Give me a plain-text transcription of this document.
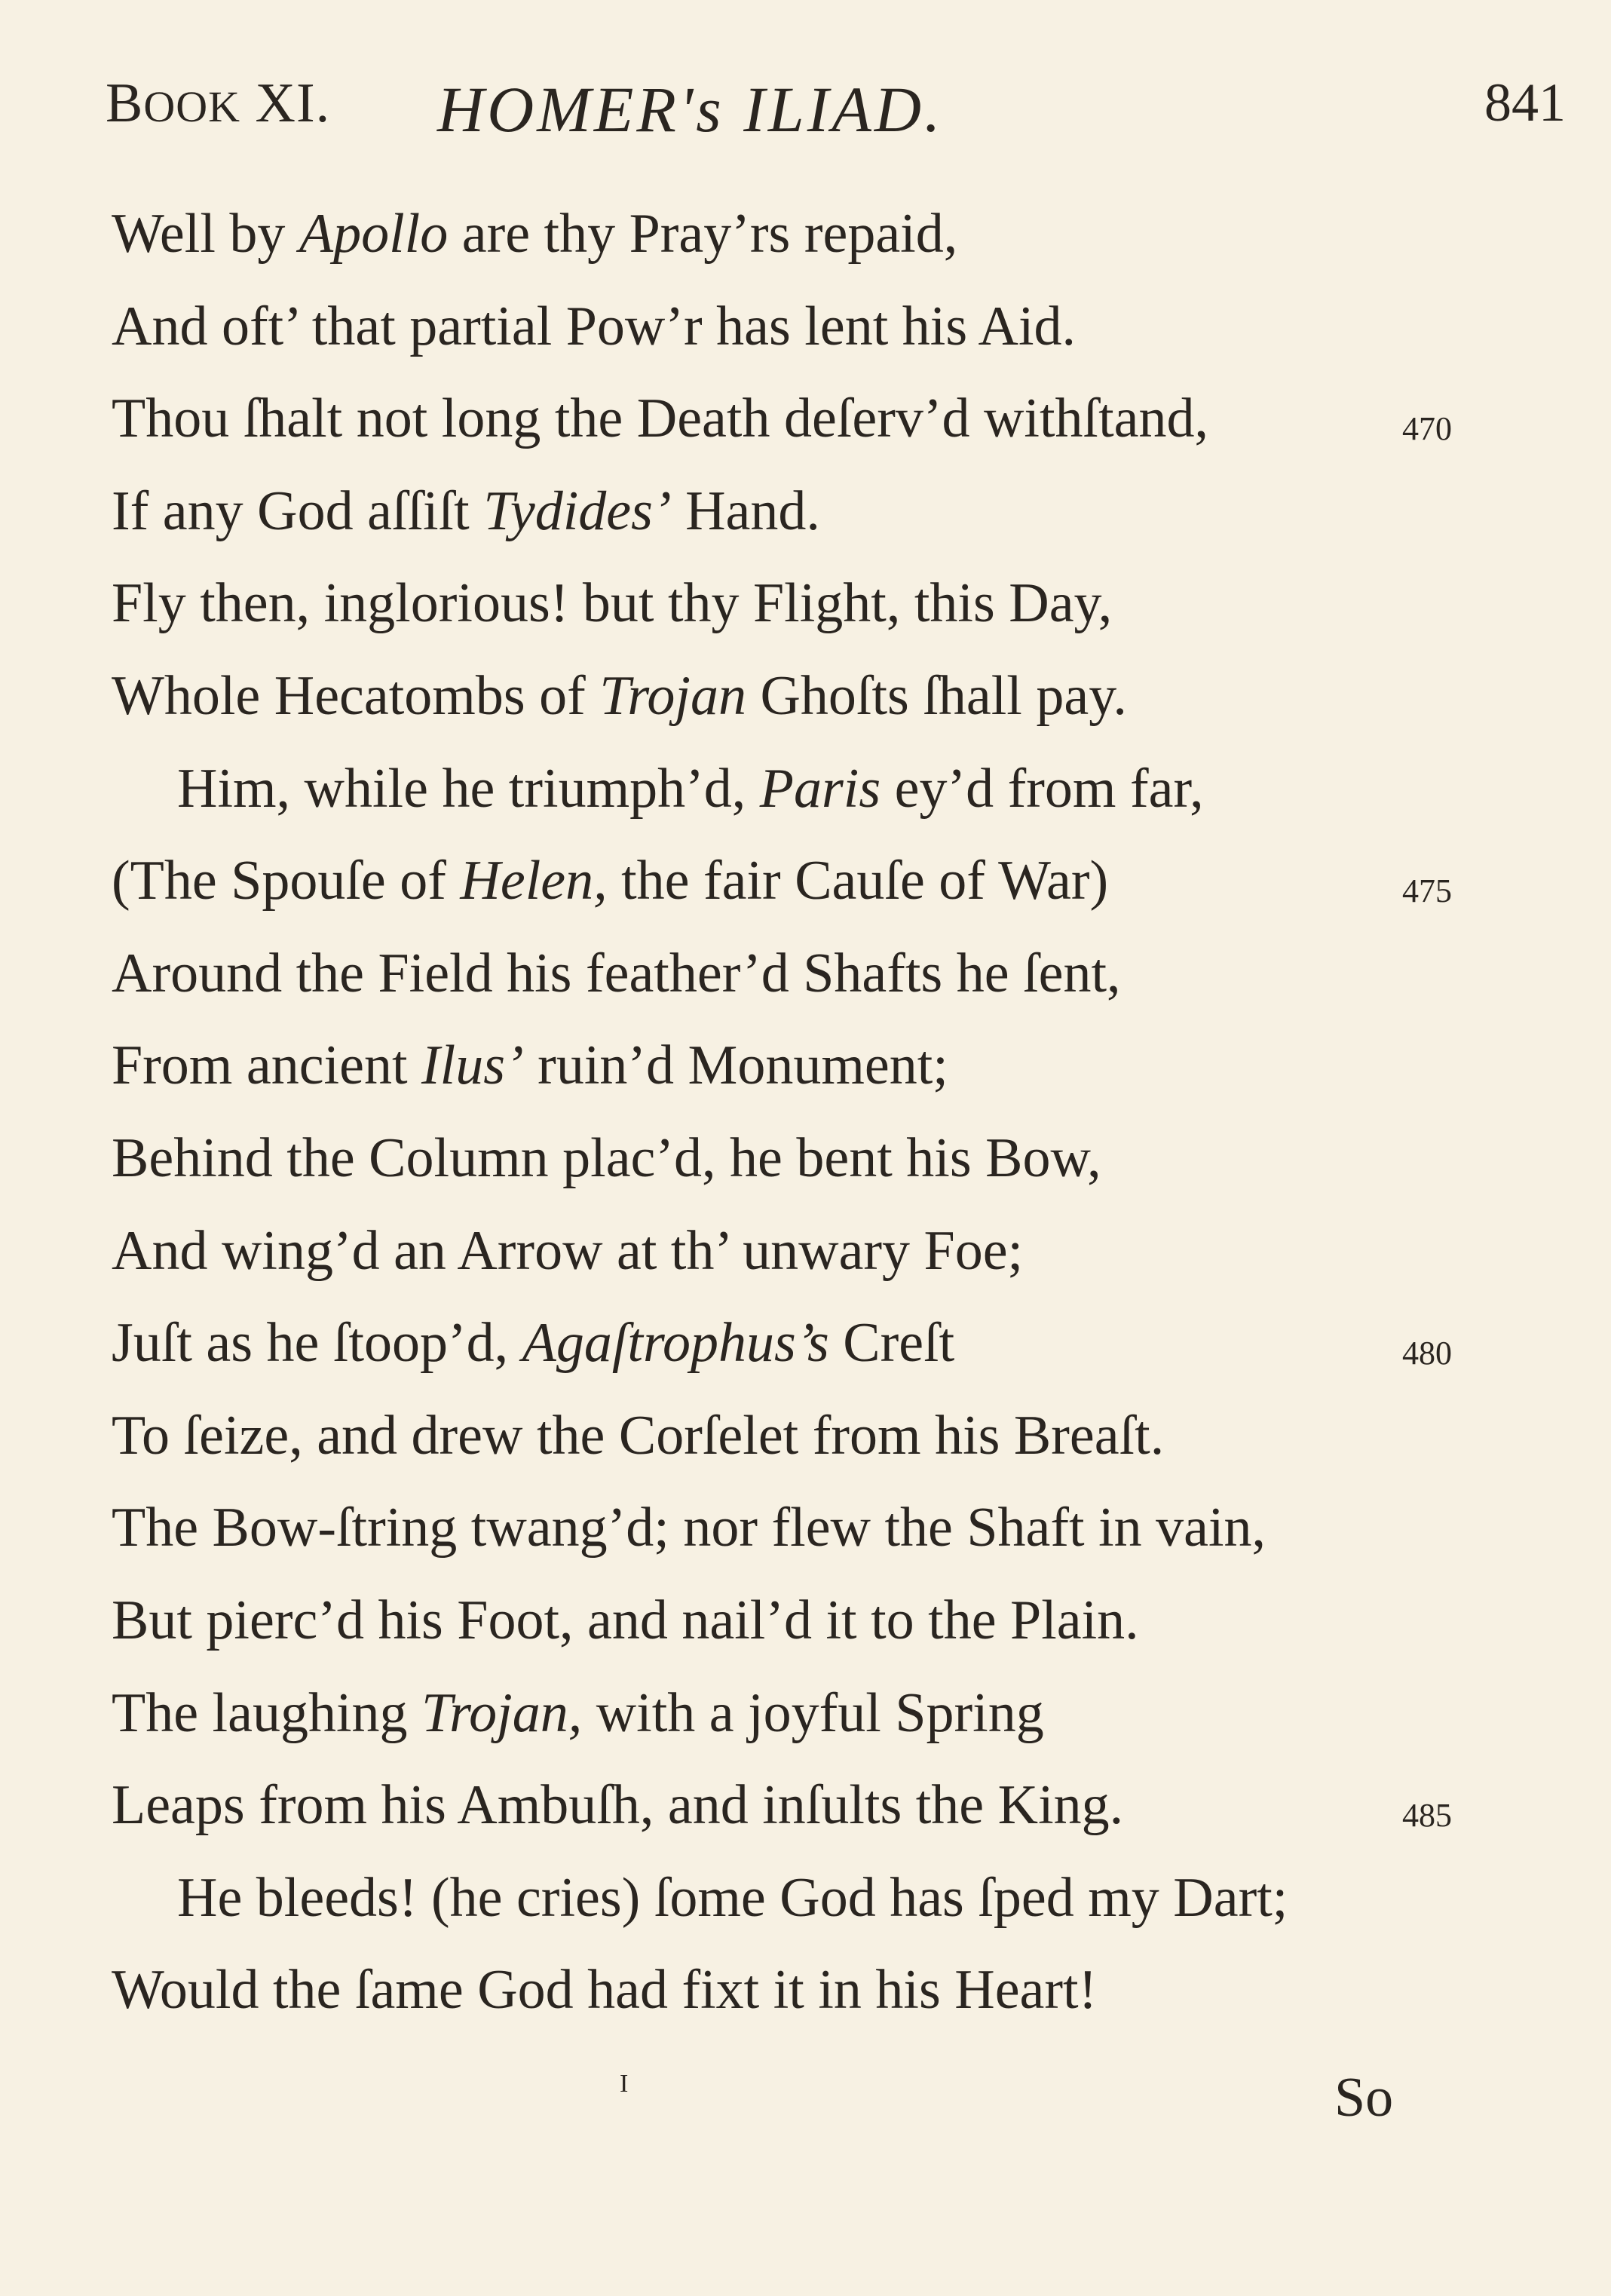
BOOK XI. HOMER's ILIAD.	841
Well by Apollo are thy Pray’rs repaid,
And oft’ that partial Pow’r has lent his Aid.
Thou ſhalt not long the Death deſerv’d withſtand,	470
If any God aſſiſt Tydides’ Hand.
Fly then, inglorious! but thy Flight, this Day,
Whole Hecatombs of Trojan Ghoſts ſhall pay.
Him, while he triumph’d, Paris ey’d from far,
(The Spouſe of Helen, the fair Cauſe of War)	475
Around the Field his feather’d Shafts he ſent,
From ancient Ilus’ ruin’d Monument;
Behind the Column plac’d, he bent his Bow,
And wing’d an Arrow at th’ unwary Foe;
Juſt as he ſtoop’d, Agaſtrophus’s Creſt	480
To ſeize, and drew the Corſelet from his Breaſt.
The Bow-ſtring twang’d; nor flew the Shaft in vain,
But pierc’d his Foot, and nail’d it to the Plain.
The laughing Trojan, with a joyful Spring
Leaps from his Ambuſh, and inſults the King.	485
He bleeds! (he cries) ſome God has ſped my Dart;
Would the ſame God had fixt it in his Heart!
I	So
